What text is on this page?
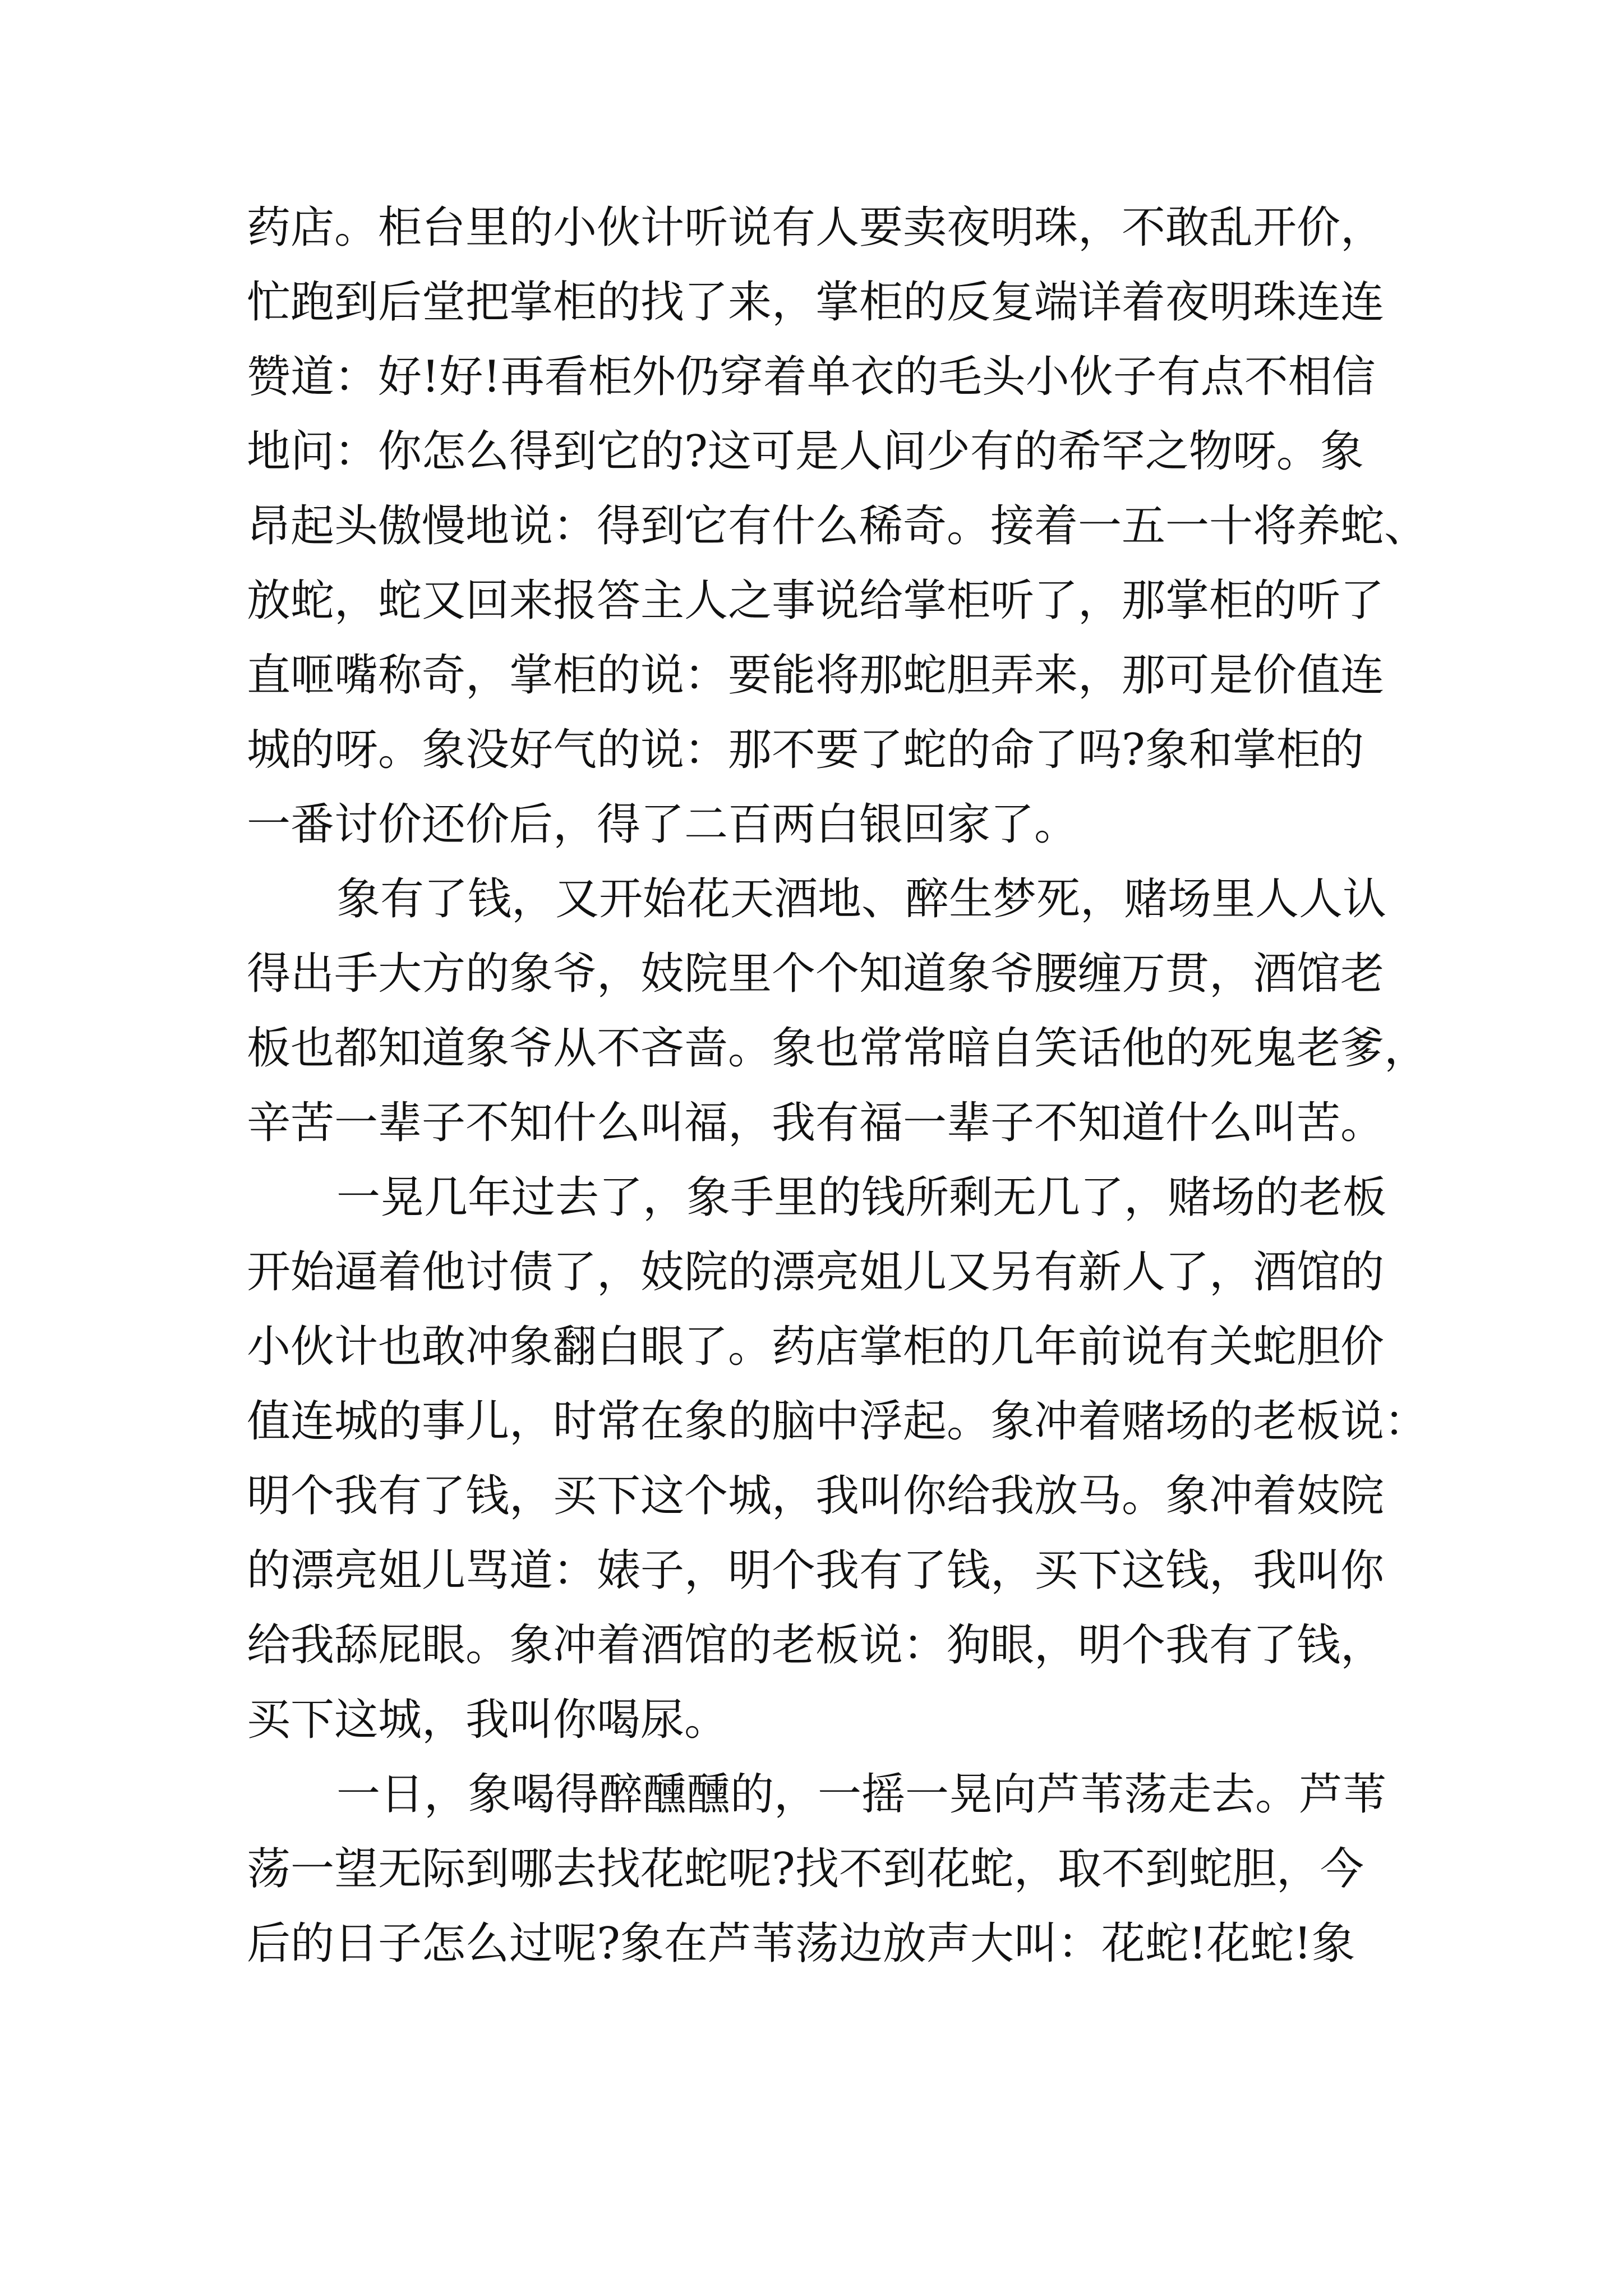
药店。柜台里的小伙计听说有人要卖夜明珠，不敢乱开价，
忙跑到后堂把掌柜的找了来，掌柜的反复端详着夜明珠连连
赞道：好!好!再看柜外仍穿着单衣的毛头小伙子有点不相信
地问：你怎么得到它的?这可是人间少有的希罕之物呀。象
昂起头傲慢地说：得到它有什么稀奇。接着一五一十将养蛇、
放蛇，蛇又回来报答主人之事说给掌柜听了，那掌柜的听了
直咂嘴称奇，掌柜的说：要能将那蛇胆弄来，那可是价值连
城的呀。象没好气的说：那不要了蛇的命了吗?象和掌柜的
一番讨价还价后，得了二百两白银回家了。
象有了钱，又开始花天酒地、醉生梦死，赌场里人人认
得出手大方的象爷，妓院里个个知道象爷腰缠万贯，酒馆老
板也都知道象爷从不吝啬。象也常常暗自笑话他的死鬼老爹，
辛苦一辈子不知什么叫福，我有福一辈子不知道什么叫苦。
一晃几年过去了，象手里的钱所剩无几了，赌场的老板
开始逼着他讨债了，妓院的漂亮姐儿又另有新人了，酒馆的
小伙计也敢冲象翻白眼了。药店掌柜的几年前说有关蛇胆价
值连城的事儿，时常在象的脑中浮起。象冲着赌场的老板说：
明个我有了钱，买下这个城，我叫你给我放马。象冲着妓院
的漂亮姐儿骂道：婊子，明个我有了钱，买下这钱，我叫你
给我舔屁眼。象冲着酒馆的老板说：狗眼，明个我有了钱，
买下这城，我叫你喝尿。
一日，象喝得醉醺醺的，一摇一晃向芦苇荡走去。芦苇
荡一望无际到哪去找花蛇呢?找不到花蛇，取不到蛇胆，今
后的日子怎么过呢?象在芦苇荡边放声大叫：花蛇!花蛇!象
